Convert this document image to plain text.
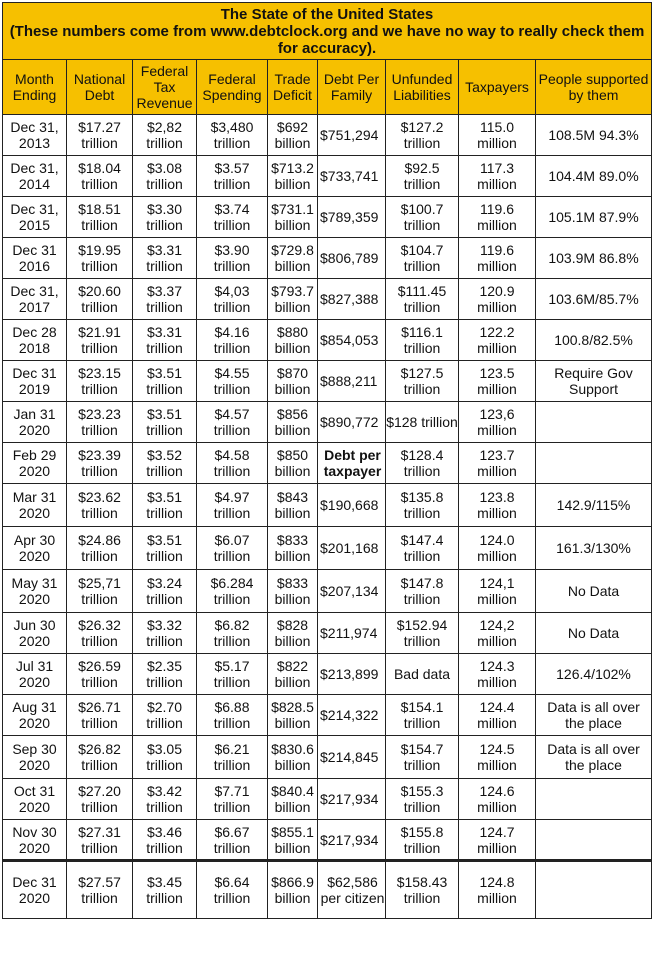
The State of the United States
(These numbers come from www.debtclock.org and we have no way to really check them for accuracy).								

Month Ending	National Debt	Federal Tax Revenue	Federal Spending	Trade Deficit	Debt Per Family	Unfunded Liabilities	Taxpayers	People supported by them
Dec 31, 2013	$17.27 trillion	$2,82 trillion	$3,480 trillion	$692 billion	$751,294	$127.2 trillion	115.0 million	108.5M 94.3%
Dec 31, 2014	$18.04 trillion	$3.08 trillion	$3.57 trillion	$713.2 billion	$733,741	$92.5 trillion	117.3 million	104.4M 89.0%
Dec 31, 2015	$18.51 trillion	$3.30 trillion	$3.74 trillion	$731.1 billion	$789,359	$100.7 trillion	119.6 million	105.1M 87.9%
Dec 31 2016	$19.95 trillion	$3.31 trillion	$3.90 trillion	$729.8 billion	$806,789	$104.7 trillion	119.6 million	103.9M 86.8%
Dec 31, 2017	$20.60 trillion	$3.37 trillion	$4,03 trillion	$793.7 billion	$827,388	$111.45 trillion	120.9 million	103.6M/85.7%
Dec 28 2018	$21.91 trillion	$3.31 trillion	$4.16 trillion	$880 billion	$854,053	$116.1 trillion	122.2 million	100.8/82.5%
Dec 31 2019	$23.15 trillion	$3.51 trillion	$4.55 trillion	$870 billion	$888,211	$127.5 trillion	123.5 million	Require Gov Support
Jan 31 2020	$23.23 trillion	$3.51 trillion	$4.57 trillion	$856 billion	$890,772	$128 trillion	123,6 million	
Feb 29 2020	$23.39 trillion	$3.52 trillion	$4.58 trillion	$850 billion	Debt per taxpayer	$128.4 trillion	123.7 million	
Mar 31 2020	$23.62 trillion	$3.51 trillion	$4.97 trillion	$843 billion	$190,668	$135.8 trillion	123.8 million	142.9/115%
Apr 30 2020	$24.86 trillion	$3.51 trillion	$6.07 trillion	$833 billion	$201,168	$147.4 trillion	124.0 million	161.3/130%
May 31 2020	$25,71 trillion	$3.24 trillion	$6.284 trillion	$833 billion	$207,134	$147.8 trillion	124,1 million	No Data
Jun 30 2020	$26.32 trillion	$3.32 trillion	$6.82 trillion	$828 billion	$211,974	$152.94 trillion	124,2 million	No Data
Jul 31 2020	$26.59 trillion	$2.35 trillion	$5.17 trillion	$822 billion	$213,899	Bad data	124.3 million	126.4/102%
Aug 31 2020	$26.71 trillion	$2.70 trillion	$6.88 trillion	$828.5 billion	$214,322	$154.1 trillion	124.4 million	Data is all over the place
Sep 30 2020	$26.82 trillion	$3.05 trillion	$6.21 trillion	$830.6 billion	$214,845	$154.7 trillion	124.5 million	Data is all over the place
Oct 31 2020	$27.20 trillion	$3.42 trillion	$7.71 trillion	$840.4 billion	$217,934	$155.3 trillion	124.6 million	
Nov 30 2020	$27.31 trillion	$3.46 trillion	$6.67 trillion	$855.1 billion	$217,934	$155.8 trillion	124.7 million	
Dec 31 2020	$27.57 trillion	$3.45 trillion	$6.64 trillion	$866.9 billion	$62,586 per citizen	$158.43 trillion	124.8 million	
